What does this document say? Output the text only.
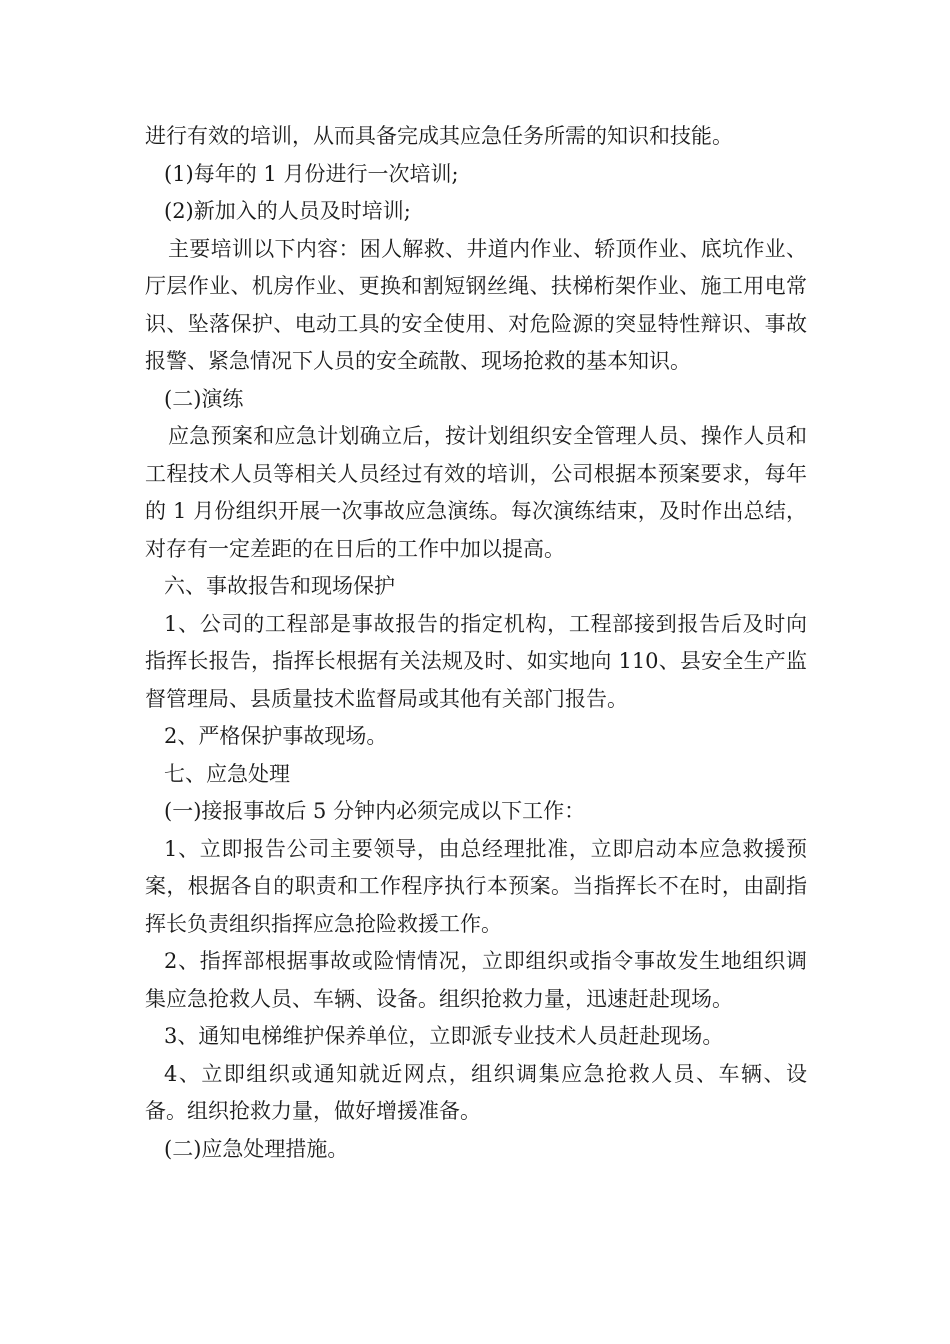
进行有效的培训，从而具备完成其应急任务所需的知识和技能。

(1)每年的 1 月份进行一次培训;

(2)新加入的人员及时培训;

主要培训以下内容：困人解救、井道内作业、轿顶作业、底坑作业、厅层作业、机房作业、更换和割短钢丝绳、扶梯桁架作业、施工用电常识、坠落保护、电动工具的安全使用、对危险源的突显特性辩识、事故报警、紧急情况下人员的安全疏散、现场抢救的基本知识。

(二)演练

应急预案和应急计划确立后，按计划组织安全管理人员、操作人员和工程技术人员等相关人员经过有效的培训，公司根据本预案要求，每年的 1 月份组织开展一次事故应急演练。每次演练结束，及时作出总结，对存有一定差距的在日后的工作中加以提高。

六、事故报告和现场保护

1、公司的工程部是事故报告的指定机构，工程部接到报告后及时向指挥长报告，指挥长根据有关法规及时、如实地向 110、县安全生产监督管理局、县质量技术监督局或其他有关部门报告。

2、严格保护事故现场。

七、应急处理

(一)接报事故后 5 分钟内必须完成以下工作：

1、立即报告公司主要领导，由总经理批准，立即启动本应急救援预案，根据各自的职责和工作程序执行本预案。当指挥长不在时，由副指挥长负责组织指挥应急抢险救援工作。

2、指挥部根据事故或险情情况，立即组织或指令事故发生地组织调集应急抢救人员、车辆、设备。组织抢救力量，迅速赶赴现场。

3、通知电梯维护保养单位，立即派专业技术人员赶赴现场。

4、立即组织或通知就近网点，组织调集应急抢救人员、车辆、设备。组织抢救力量，做好增援准备。

(二)应急处理措施。
